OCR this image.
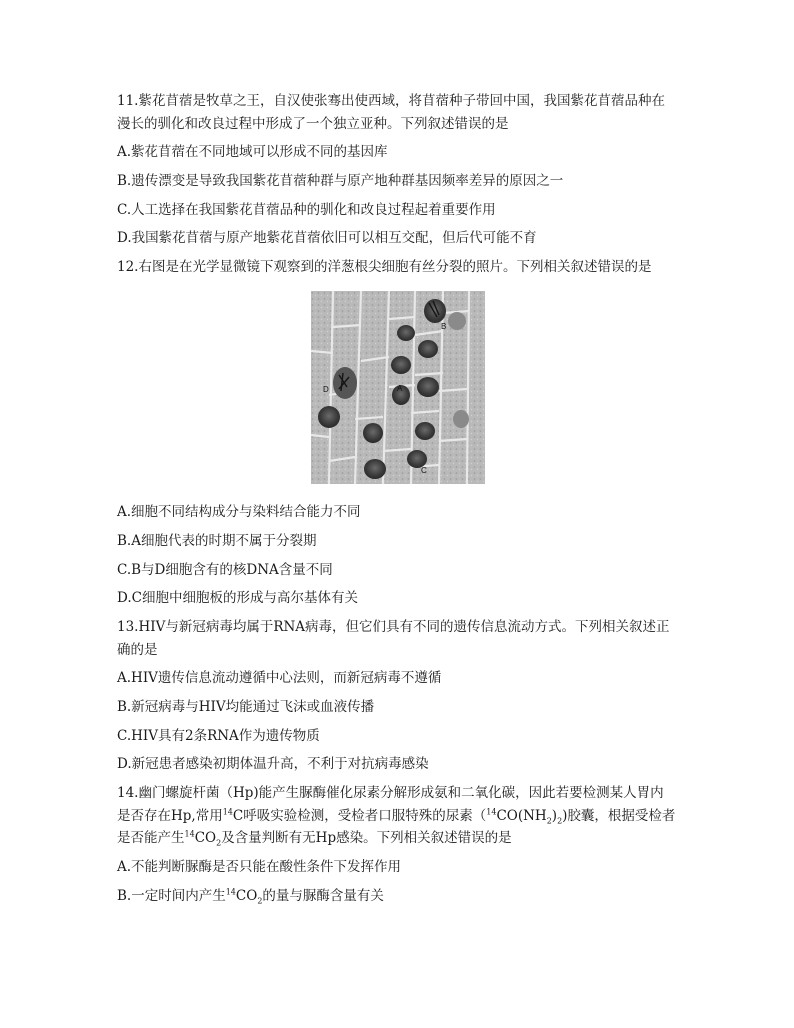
11.紫花苜蓿是牧草之王，自汉使张骞出使西域，将苜蓿种子带回中国，我国紫花苜蓿品种在漫长的驯化和改良过程中形成了一个独立亚种。下列叙述错误的是

A.紫花苜蓿在不同地域可以形成不同的基因库

B.遗传漂变是导致我国紫花苜蓿种群与原产地种群基因频率差异的原因之一

C.人工选择在我国紫花苜蓿品种的驯化和改良过程起着重要作用

D.我国紫花苜蓿与原产地紫花苜蓿依旧可以相互交配，但后代可能不育

12.右图是在光学显微镜下观察到的洋葱根尖细胞有丝分裂的照片。下列相关叙述错误的是

A
B
C
D

A.细胞不同结构成分与染料结合能力不同

B.A细胞代表的时期不属于分裂期

C.B与D细胞含有的核DNA含量不同

D.C细胞中细胞板的形成与高尔基体有关

13.HIV与新冠病毒均属于RNA病毒，但它们具有不同的遗传信息流动方式。下列相关叙述正确的是

A.HIV遗传信息流动遵循中心法则，而新冠病毒不遵循

B.新冠病毒与HIV均能通过飞沫或血液传播

C.HIV具有2条RNA作为遗传物质

D.新冠患者感染初期体温升高，不利于对抗病毒感染

14.幽门螺旋杆菌（Hp)能产生脲酶催化尿素分解形成氨和二氧化碳，因此若要检测某人胃内是否存在Hp,常用$^{14}$C呼吸实验检测，受检者口服特殊的尿素$(^{14}CO(NH_2)_2)$胶囊，根据受检者是否能产生$^{14}CO_2$及含量判断有无Hp感染。下列相关叙述错误的是

A.不能判断脲酶是否只能在酸性条件下发挥作用

B.一定时间内产生$^{14}CO_2$的量与脲酶含量有关
